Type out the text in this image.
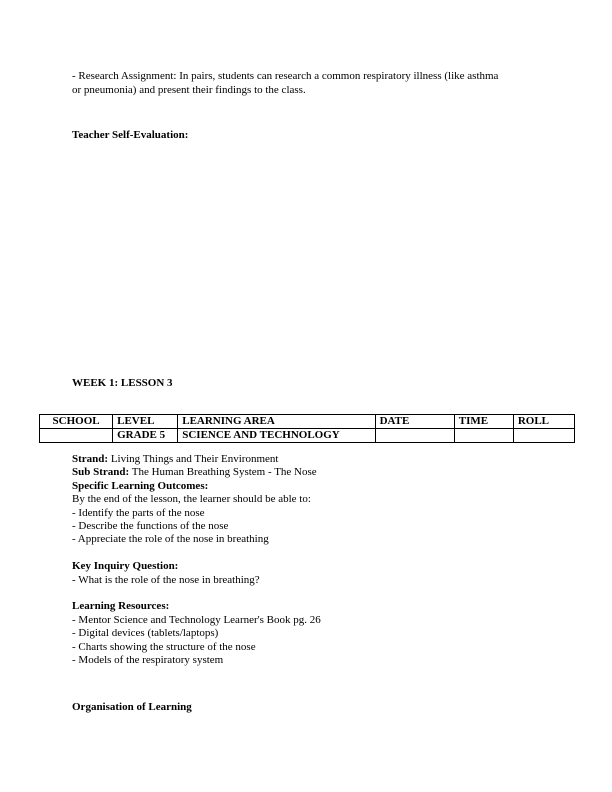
- Research Assignment: In pairs, students can research a common respiratory illness (like asthma
or pneumonia) and present their findings to the class.
Teacher Self-Evaluation:
WEEK 1: LESSON 3
SCHOOL	LEVEL	LEARNING AREA	DATE	TIME	ROLL
	GRADE 5	SCIENCE AND TECHNOLOGY			
Strand: Living Things and Their Environment
Sub Strand: The Human Breathing System - The Nose
Specific Learning Outcomes:
By the end of the lesson, the learner should be able to:
- Identify the parts of the nose
- Describe the functions of the nose
- Appreciate the role of the nose in breathing
Key Inquiry Question:
- What is the role of the nose in breathing?
Learning Resources:
- Mentor Science and Technology Learner's Book pg. 26
- Digital devices (tablets/laptops)
- Charts showing the structure of the nose
- Models of the respiratory system
Organisation of Learning
